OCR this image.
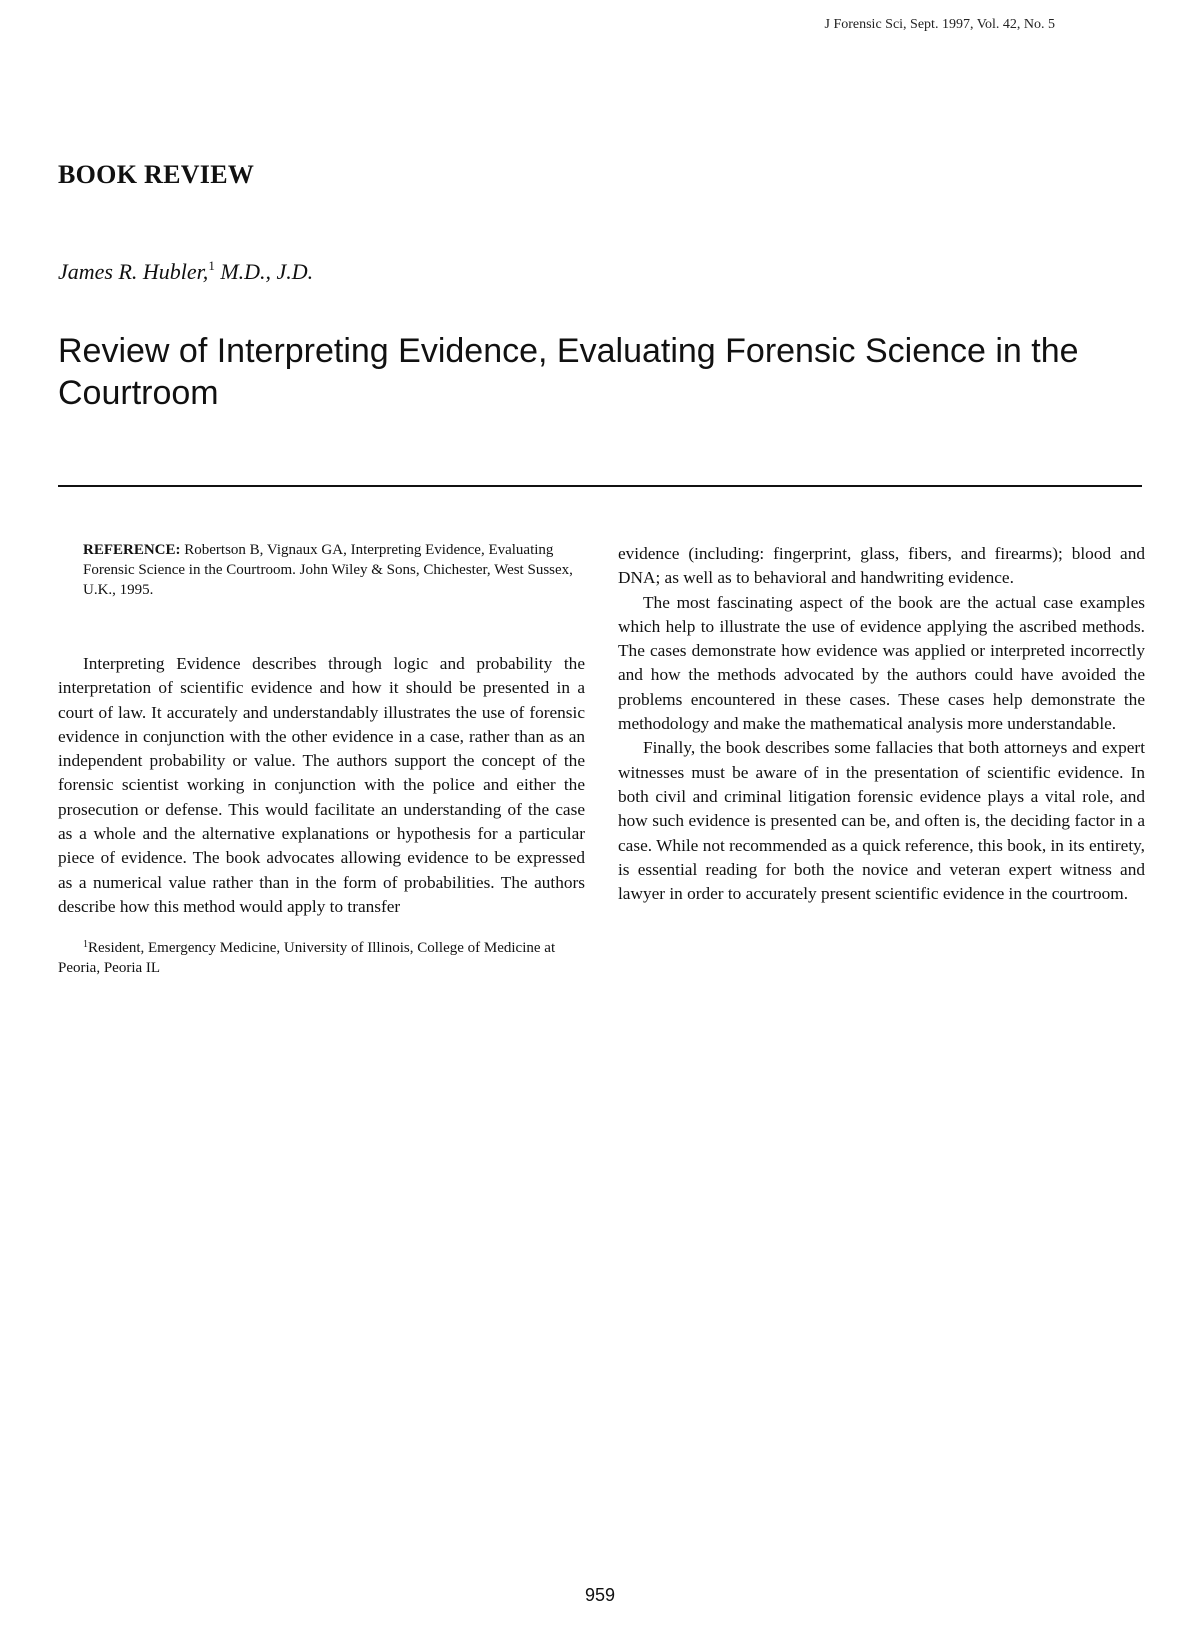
J Forensic Sci, Sept. 1997, Vol. 42, No. 5
BOOK REVIEW
James R. Hubler,$^1$ M.D., J.D.
Review of Interpreting Evidence, Evaluating Forensic Science in the Courtroom

REFERENCE: Robertson B, Vignaux GA, Interpreting Evidence, Evaluating Forensic Science in the Courtroom. John Wiley & Sons, Chichester, West Sussex, U.K., 1995.

Interpreting Evidence describes through logic and probability the interpretation of scientific evidence and how it should be presented in a court of law. It accurately and understandably illustrates the use of forensic evidence in conjunction with the other evidence in a case, rather than as an independent probability or value. The authors support the concept of the forensic scientist working in conjunction with the police and either the prosecution or defense. This would facilitate an understanding of the case as a whole and the alternative explanations or hypothesis for a particular piece of evidence. The book advocates allowing evidence to be expressed as a numerical value rather than in the form of probabilities. The authors describe how this method would apply to transfer

$^1$Resident, Emergency Medicine, University of Illinois, College of Medicine at Peoria, Peoria IL

evidence (including: fingerprint, glass, fibers, and firearms); blood and DNA; as well as to behavioral and handwriting evidence.

The most fascinating aspect of the book are the actual case examples which help to illustrate the use of evidence applying the ascribed methods. The cases demonstrate how evidence was applied or interpreted incorrectly and how the methods advocated by the authors could have avoided the problems encountered in these cases. These cases help demonstrate the methodology and make the mathematical analysis more understandable.

Finally, the book describes some fallacies that both attorneys and expert witnesses must be aware of in the presentation of scientific evidence. In both civil and criminal litigation forensic evidence plays a vital role, and how such evidence is presented can be, and often is, the deciding factor in a case. While not recommended as a quick reference, this book, in its entirety, is essential reading for both the novice and veteran expert witness and lawyer in order to accurately present scientific evidence in the courtroom.

959
